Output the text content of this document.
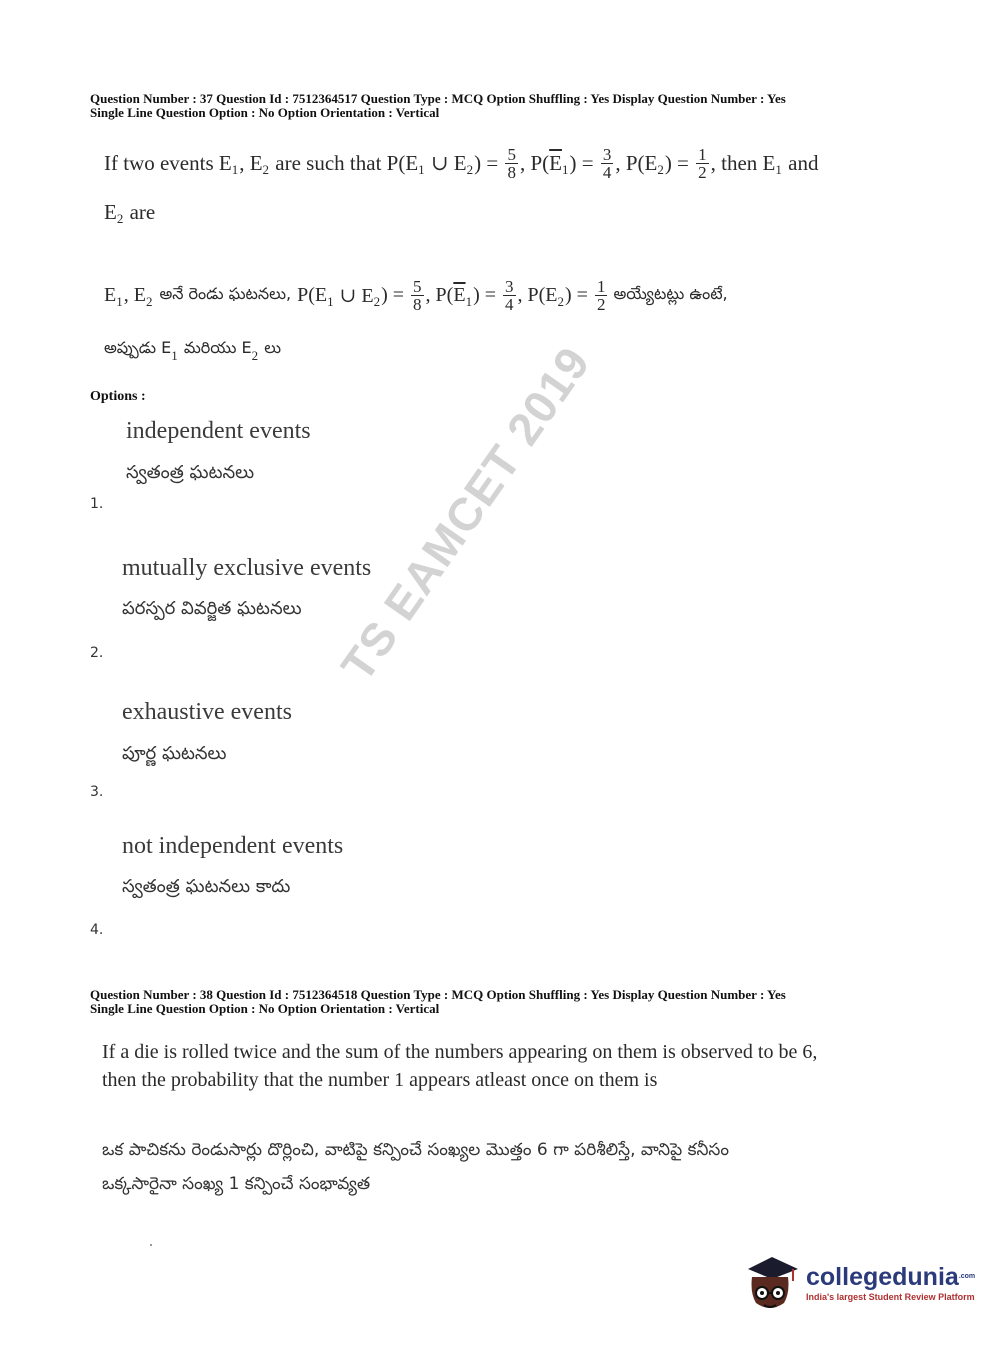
Question Number : 37 Question Id : 7512364517 Question Type : MCQ Option Shuffling : Yes Display Question Number : Yes
Single Line Question Option : No Option Orientation : Vertical
If two events E 1 , E 2 are such that P(E 1 ∪ E 2 ) = $\frac{5}{8}$ , P( $\overline{E}$ 1 ) = $\frac{3}{4}$ , P(E 2 ) = $\frac{1}{2}$ , then E 1 and
E 2 are
E 1 , E 2 అనే రెండు ఘటనలు, P(E 1 ∪ E 2 ) = $\frac{5}{8}$ , P( $\overline{E}$ 1 ) = $\frac{3}{4}$ , P(E 2 ) = $\frac{1}{2}$ అయ్యేటట్లు ఉంటే,
అప్పుడు E 1 మరియు E 2 లు
Options :
independent events
స్వతంత్ర ఘటనలు
1.
mutually exclusive events
పరస్పర వివర్జిత ఘటనలు
2.
exhaustive events
పూర్ణ ఘటనలు
3.
not independent events
స్వతంత్ర ఘటనలు కాదు
4.
TS EAMCET 2019
Question Number : 38 Question Id : 7512364518 Question Type : MCQ Option Shuffling : Yes Display Question Number : Yes
Single Line Question Option : No Option Orientation : Vertical
If a die is rolled twice and the sum of the numbers appearing on them is observed to be 6,
then the probability that the number 1 appears atleast once on them is
ఒక పాచికను రెండుసార్లు దొర్లించి, వాటిపై కన్పించే సంఖ్యల మొత్తం 6 గా పరిశీలిస్తే, వానిపై కనీసం
ఒక్కసారైనా సంఖ్య 1 కన్పించే సంభావ్యత
collegedunia$^{.com}$
India's largest Student Review Platform
